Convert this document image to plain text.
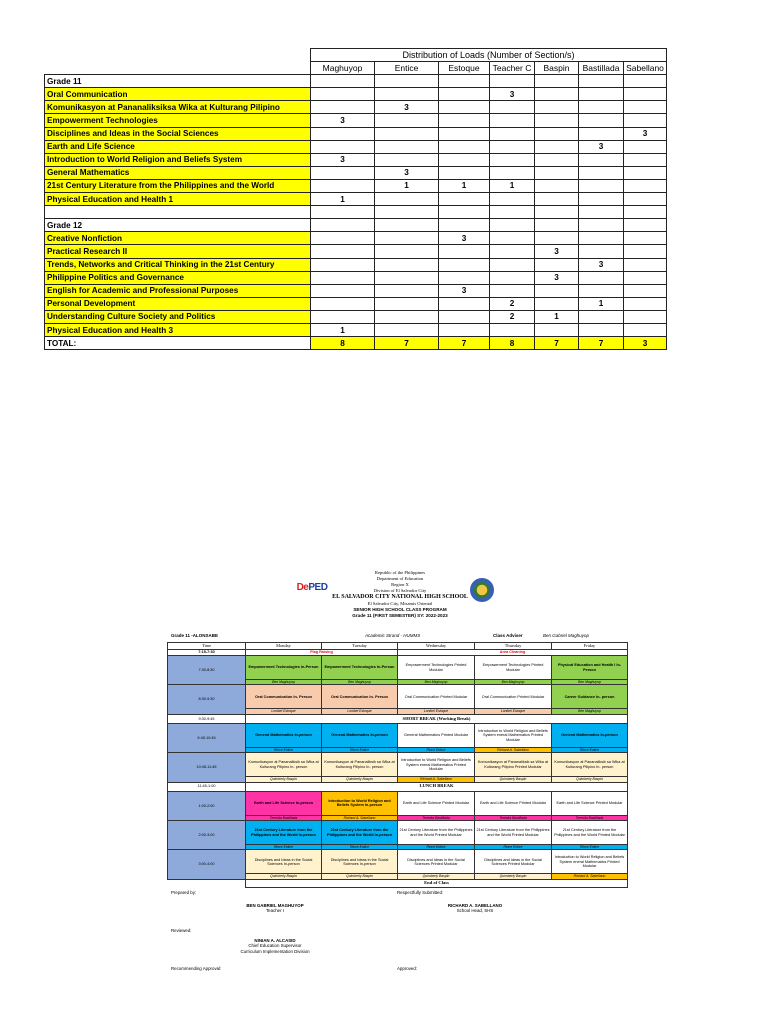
	Distribution of Loads (Number of Section/s)						
	Maghuyop	Entice	Estoque	Teacher C	Baspin	Bastillada	Sabellano
Grade 11							
Oral Communication				3			
Komunikasyon at Pananaliksiksa Wika at Kulturang Pilipino		3					
Empowerment Technologies	3						
Disciplines and Ideas in the Social Sciences							3
Earth and Life Science						3	
Introduction to World Religion and Beliefs System	3						
General Mathematics		3					
21st Century Literature from the Philippines and the World		1	1	1			
Physical Education and Health 1	1						

Grade 12							
Creative Nonfiction			3				
Practical Research II					3		
Trends, Networks and Critical Thinking in the 21st Century						3	
Philippine Politics and Governance					3		
English for Academic and Professional Purposes			3				
Personal Development				2		1	
Understanding Culture Society and Politics				2	1		
Physical Education and Health 3	1						
TOTAL:	8	7	7	8	7	7	3
DePED
Republic of the Philippines
Department of Education
Region X
Division of El Salvador City
EL SALVADOR CITY NATIONAL HIGH SCHOOL
El Salvador City, Misamis Oriental
SENIOR HIGH SCHOOL CLASS PROGRAM
Grade 11 (FIRST SEMESTER) SY: 2022-2023
Grade 11 -ALONSABE	Academic Strand - HUMMS	Class Adviser	Ben Gabriel Maghuyop
Time	Monday	Tuesday	Wednesday	Thursday	Friday
7:15-7:30	Flag Raising		Area Cleaning		
7:30-8:30	Empowerment Technologies In-Person	Empowerment Technologies In-Person	Empowerment Technologies Printed Modular	Empowerment Technologies Printed Modular	Physical Education and Health I In- Person
	Ben Maghuyop	Ben Maghuyop	Ben Maghuyop	Ben Maghuyop	Ben Maghuyop
8:30-9:30	Oral Communication In- Person	Oral Communication In- Person	Oral Communication Printed Modular	Oral Communication Printed Modular	Career Guidance In- person
	Lonibel Estoque	Lonibel Estoque	Lonibel Estoque	Lonibel Estoque	Ben Maghuyop
9:30-9:45	SHORT BREAK (Working Break)				
9:45-10:45	General Mathematics In-person	General Mathematics In-person	General Mathematics Printed Modular	Introduction to World Religion and Beliefs System eneral Mathematics Printed Modular	General Mathematics In-person
	Rince Entice	Rince Entice	Rince Entice	Richard A. Sabellano	Rince Entice
10:45-11:45	Komunikasyon at Pananaliksik sa Wika at Kulturang Pilipino In- person	Komunikasyon at Pananaliksik sa Wika at Kulturang Pilipino In- person	Introduction to World Religion and Beliefs System eneral Mathematics Printed Modular	Komunikasyon at Pananaliksik sa Wika at Kulturang Pilipino Printed Modular	Komunikasyon at Pananaliksik sa Wika at Kulturang Pilipino In- person
	Quimberly Baspin	Quimberly Baspin	Richard A. Sabellano	Quimberly Baspin	Quimberly Baspin
11:45-1:00	LUNCH BREAK				
1:00-2:00	Earth and Life Science In-person	Introduction to World Religion and Beliefs System In-person	Earth and Life Science Printed Modular	Earth and Life Science Printed Modular	Earth and Life Science Printed Modular
	Teresita Bastillada	Richard A. Sabellano	Teresita Bastillada	Teresita Bastillada	Teresita Bastillada
2:00-3:00	21st Century Literature from the Philippines and the World In-person	21st Century Literature from the Philippines and the World In-person	21st Century Literature from the Philippines and the World Printed Modular	21st Century Literature from the Philippines and the World Printed Modular	21st Century Literature from the Philippines and the World Printed Modular
	Rince Entice	Rince Entice	Rince Entice	Rince Entice	Rince Entice
3:00-4:00	Disciplines and Ideas in the Social Sciences In-person	Disciplines and Ideas in the Social Sciences In-person	Disciplines and Ideas in the Social Sciences Printed Modular	Disciplines and Ideas in the Social Sciences Printed Modular	Introduction to World Religion and Beliefs System eneral Mathematics Printed Modular
	Quimberly Baspin	Quimberly Baspin	Quimberly Baspin	Quimberly Baspin	Richard A. Sabellano
	End of Class				
Prepared by:
BEN GABRIEL MAGHUYOP
Teacher I
Respectfully Submitted:
RICHARD A. SABELLANO
School Head, SHS
Reviewed:
NINIAN A. ALCASID
Chief Education Supervisor
Curriculum Implementation Division
Recommending Approval:	Approved:
